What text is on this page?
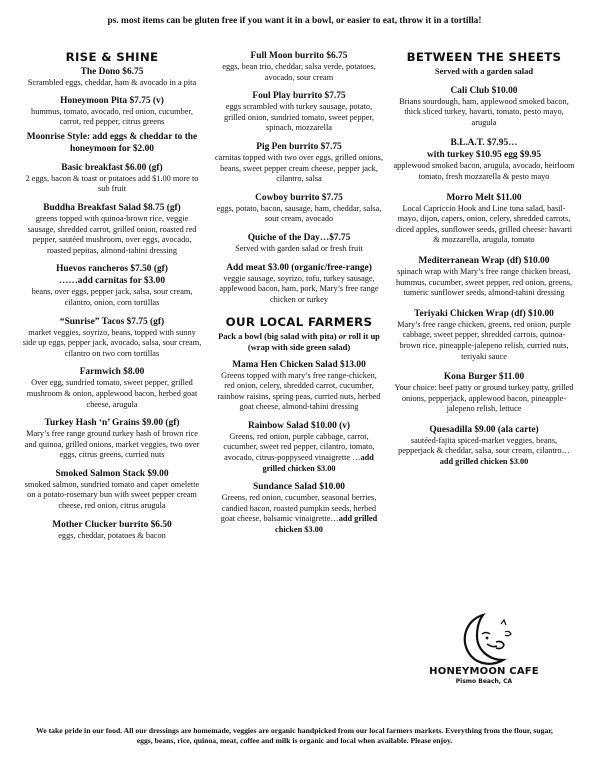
ps. most items can be gluten free if you want it in a bowl, or easier to eat, throw it in a tortilla!
RISE & SHINE
The Dono $6.75
Scrambled eggs, cheddar, ham & avocado in a pita
Honeymoon Pita $7.75 (v)
hummus, tomato, avocado, red onion, cucumber, carrot, red pepper, citrus greens
Moonrise Style: add eggs & cheddar to the honeymoon for $2.00
Basic breakfast $6.00 (gf)
2 eggs, bacon & toast or potatoes add $1.00 more to sub fruit
Buddha Breakfast Salad $8.75 (gf)
greens topped with quinoa-brown rice, veggie sausage, shredded carrot, grilled onion, roasted red pepper, sautéed mushroom, over eggs, avocado, roasted pepitas, almond-tahini dressing
Huevos rancheros $7.50 (gf)
……add carnitas for $3.00
beans, over eggs, pepper jack, salsa, sour cream, cilantro, onion, corn tortillas
“Sunrise” Tacos $7.75 (gf)
market veggies, soyrizo, beans, topped with sunny side up eggs, pepper jack, avocado, salsa, sour cream, cilantro on two corn tortillas
Farmwich $8.00
Over egg, sundried tomato, sweet pepper, grilled mushroom & onion, applewood bacon, herbed goat cheese, arugula
Turkey Hash ‘n’ Grains $9.00 (gf)
Mary’s free range ground turkey hash of brown rice and quinoa, grilled onions, market veggies, two over eggs, citrus greens, curried nuts
Smoked Salmon Stack $9.00
smoked salmon, sundried tomato and caper omelette on a potato-rosemary bun with sweet pepper cream cheese, red onion, citrus arugula
Mother Clucker burrito $6.50
eggs, cheddar, potatoes & bacon
Full Moon burrito $6.75
eggs, bean trio, cheddar, salsa verde, potatoes, avocado, sour cream
Foul Play burrito $7.75
eggs scrambled with turkey sausage, potato, grilled onion, sundried tomato, sweet pepper, spinach, mozzarella
Pig Pen burrito $7.75
carnitas topped with two over eggs, grilled onions, beans, sweet pepper cream cheese, pepper jack, cilantro, salsa
Cowboy burrito $7.75
eggs, potato, bacon, sausage, ham, cheddar, salsa, sour cream, avocado
Quiche of the Day…$7.75
Served with garden salad or fresh fruit
Add meat $3.00 (organic/free-range)
veggie sausage, soyrizo, tofu, turkey sausage, applewood bacon, ham, pork, Mary’s free range chicken or turkey
OUR LOCAL FARMERS
Pack a bowl (big salad with pita) or roll it up (wrap with side green salad)
Mama Hen Chicken Salad $13.00
Greens topped with mary’s free range-chicken, red onion, celery, shredded carrot, cucumber, rainbow raisins, spring peas, curried nuts, herbed goat cheese, almond-tahini dressing
Rainbow Salad $10.00 (v)
Greens, red onion, purple cabbage, carrot, cucumber, sweet red pepper, cilantro, tomato, avocado, citrus-poppyseed vinaigrette …add grilled chicken $3.00
Sundance Salad $10.00
Greens, red onion, cucumber, seasonal berries, candied bacon, roasted pumpkin seeds, herbed goat cheese, balsamic vinaigrette…add grilled chicken $3.00
BETWEEN THE SHEETS
Served with a garden salad
Cali Club $10.00
Brians sourdough, ham, applewood smoked bacon, thick sliced turkey, havarti, tomato, pesto mayo, arugula
B.L.A.T. $7.95…
with turkey $10.95 egg $9.95
applewood smoked bacon, arugula, avocado, heirloom tomato, fresh mozzarella & pesto mayo
Morro Melt $11.00
Local Capriccio Hook and Line tuna salad, basil-mayo, dijon, capers, onion, celery, shredded carrots, diced apples, sunflower seeds, grilled cheese: havarti & mozzarella, arugula, tomato
Mediterranean Wrap (df) $10.00
spinach wrap with Mary’s free range chicken breast, hummus, cucumber, sweet pepper, red onion, greens, tumeric sunflower seeds, almond-tahini dressing
Teriyaki Chicken Wrap (df) $10.00
Mary’s free range chicken, greens, red onion, purple cabbage, sweet pepper, shredded carrots, quinoa-brown rice, pineapple-jalepeno relish, curried nuts, teriyaki sauce
Kona Burger $11.00
Your choice: beef patty or ground turkey patty, grilled onions, pepperjack, applewood bacon, pineapple-jalepeno relish, lettuce
Quesadilla $9.00 (ala carte)
sautéed-fajita spiced-market veggies, beans, pepperjack & cheddar, salsa, sour cream, cilantro…add grilled chicken $3.00
HONEYMOON CAFE
Pismo Beach, CA
We take pride in our food. All our dressings are homemade, veggies are organic handpicked from our local farmers markets. Everything from the flour, sugar, eggs, beans, rice, quinoa, meat, coffee and milk is organic and local when available. Please enjoy.
